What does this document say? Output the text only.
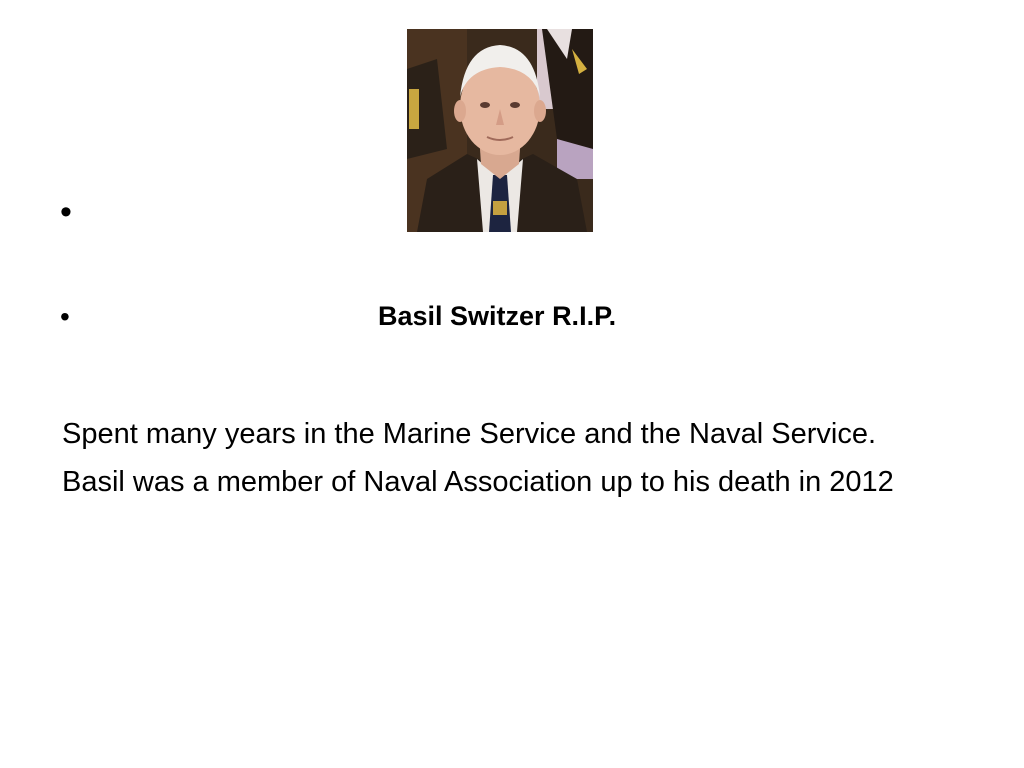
•
•	Basil Switzer R.I.P.

Spent many years in the Marine Service and the Naval Service.

Basil was a member of Naval Association up to his death in 2012
